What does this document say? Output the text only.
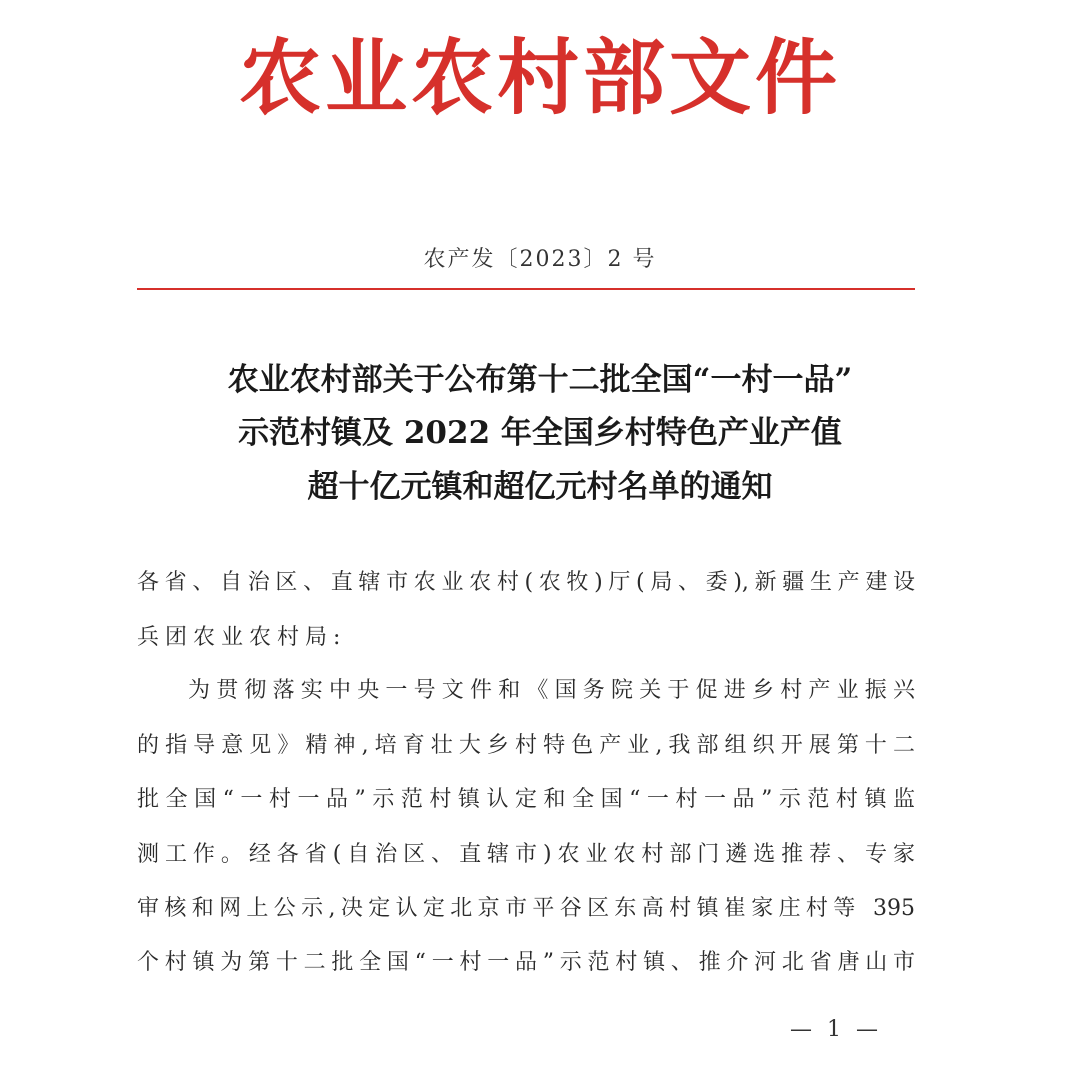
农业农村部文件
农产发〔2023〕2 号
农业农村部关于公布第十二批全国“一村一品”
示范村镇及 2022 年全国乡村特色产业产值
超十亿元镇和超亿元村名单的通知
各省、自治区、直辖市农业农村(农牧)厅(局、委),新疆生产建设
兵团农业农村局:
为贯彻落实中央一号文件和《国务院关于促进乡村产业振兴
的指导意见》精神,培育壮大乡村特色产业,我部组织开展第十二
批全国“一村一品”示范村镇认定和全国“一村一品”示范村镇监
测工作。经各省(自治区、直辖市)农业农村部门遴选推荐、专家
审核和网上公示,决定认定北京市平谷区东高村镇崔家庄村等 395
个村镇为第十二批全国“一村一品”示范村镇、推介河北省唐山市
— 1 —
